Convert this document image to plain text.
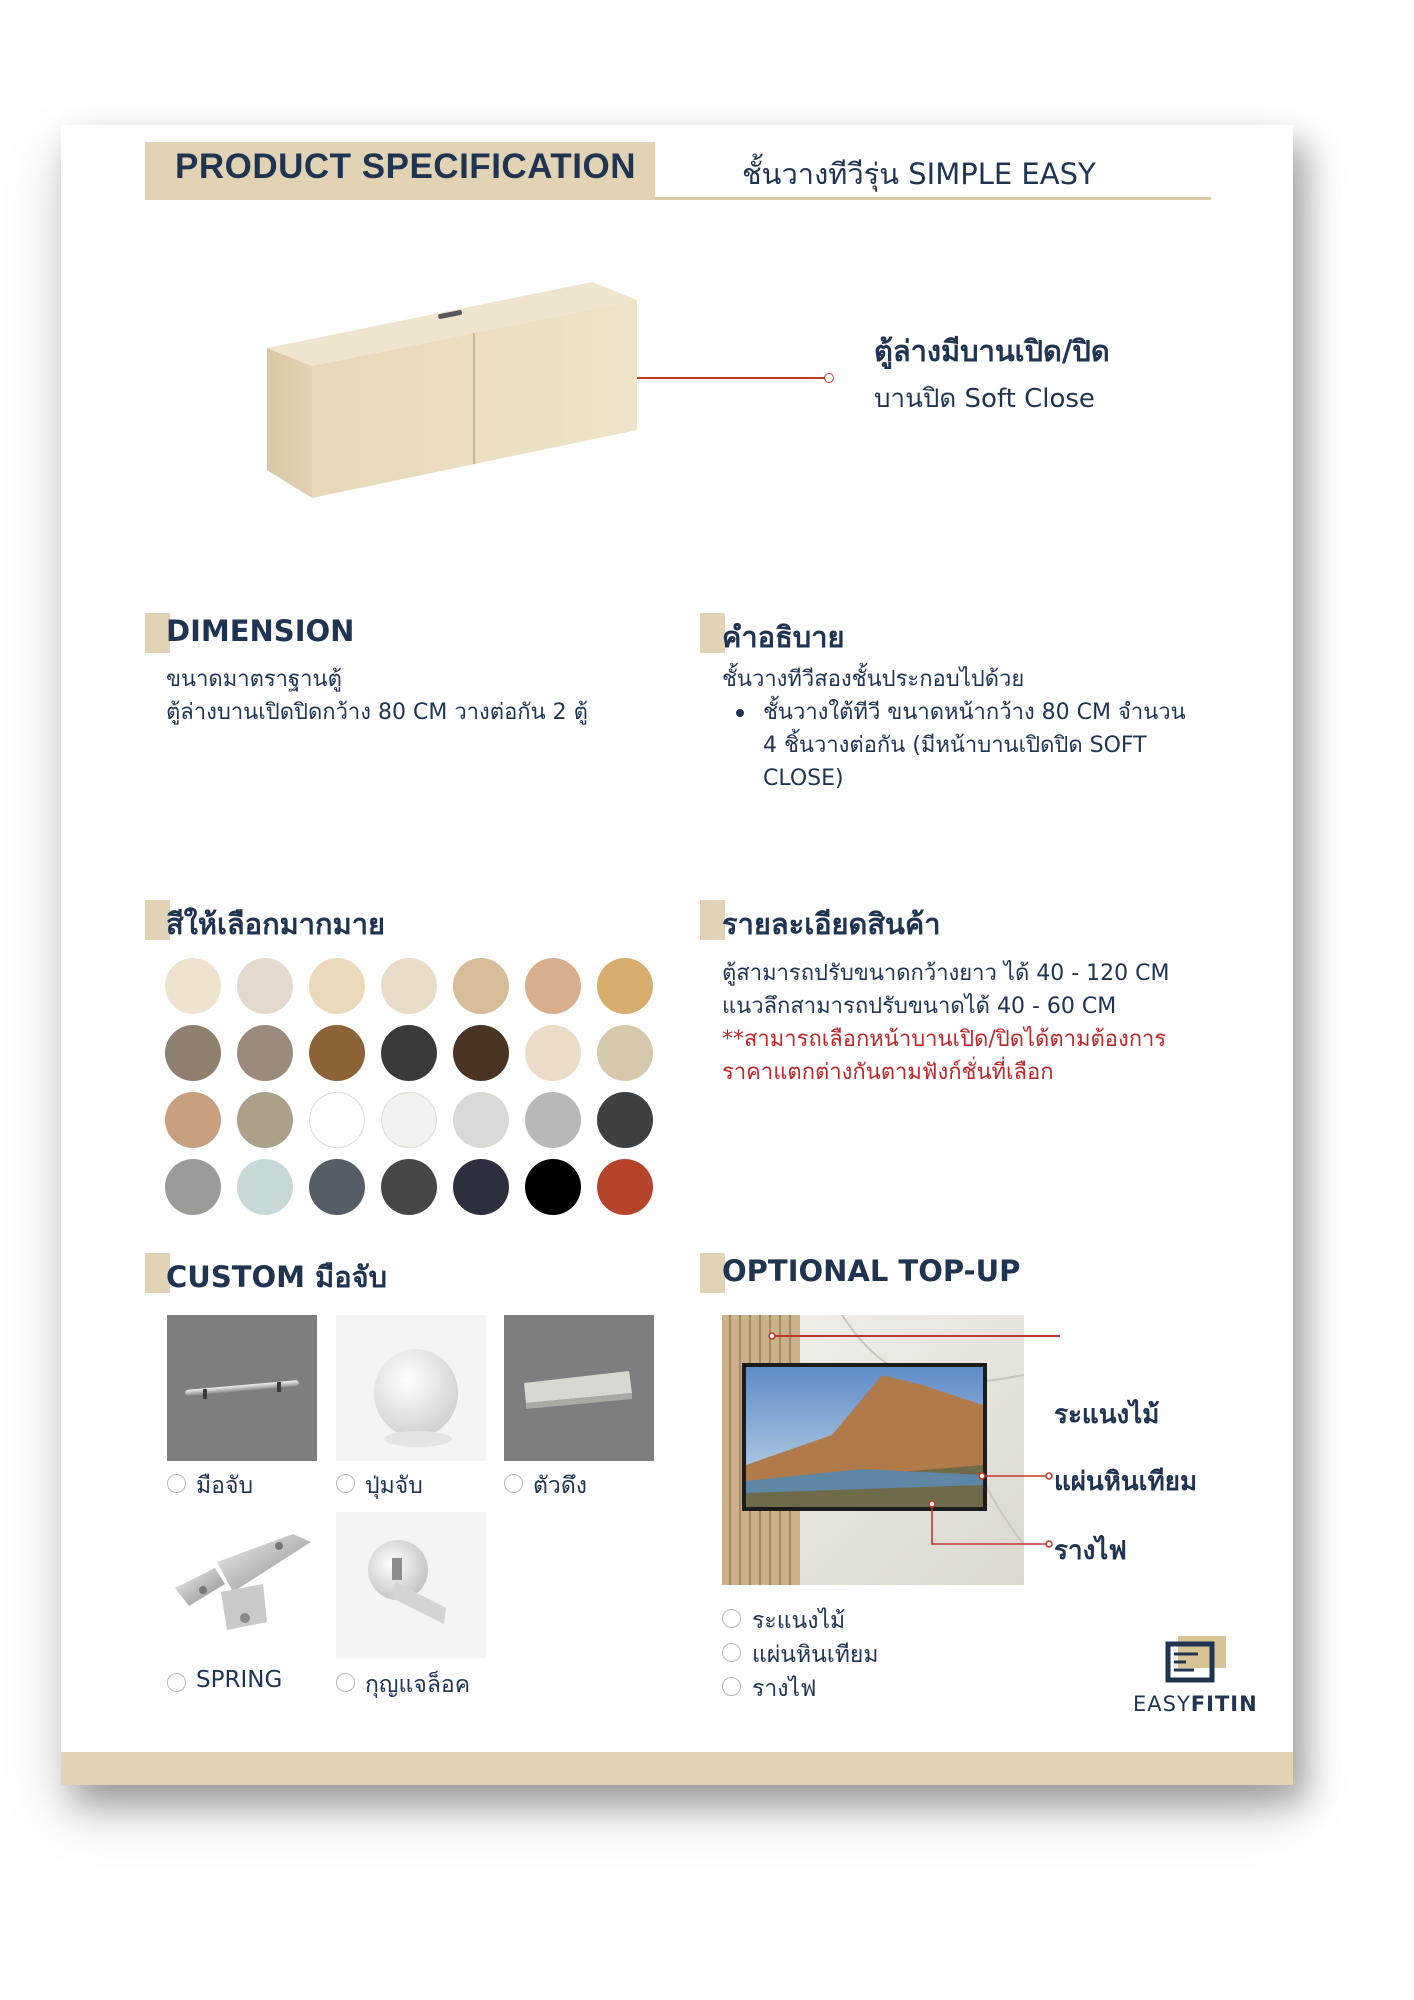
PRODUCT SPECIFICATION	ชั้นวางทีวีรุ่น SIMPLE EASY
ตู้ล่างมีบานเปิด/ปิด
บานปิด Soft Close
DIMENSION
ขนาดมาตราฐานตู้
ตู้ล่างบานเปิดปิดกว้าง 80 CM วางต่อกัน 2 ตู้
คำอธิบาย
ชั้นวางทีวีสองชั้นประกอบไปด้วย
ชั้นวางใต้ทีวี ขนาดหน้ากว้าง 80 CM จำนวน
4 ชิ้นวางต่อกัน (มีหน้าบานเปิดปิด SOFT
CLOSE)
สีให้เลือกมากมาย	รายละเอียดสินค้า
ตู้สามารถปรับขนาดกว้างยาว ได้ 40 - 120 CM
แนวลึกสามารถปรับขนาดได้ 40 - 60 CM
**สามารถเลือกหน้าบานเปิด/ปิดได้ตามต้องการ
ราคาแตกต่างกันตามฟังก์ชั่นที่เลือก
CUSTOM มือจับ
มือจับ	ปุ่มจับ	ตัวดึง
SPRING	กุญแจล็อค
OPTIONAL TOP-UP
ระแนงไม้
แผ่นหินเทียม
รางไฟ
ระแนงไม้
แผ่นหินเทียม
รางไฟ
EASYFITIN
